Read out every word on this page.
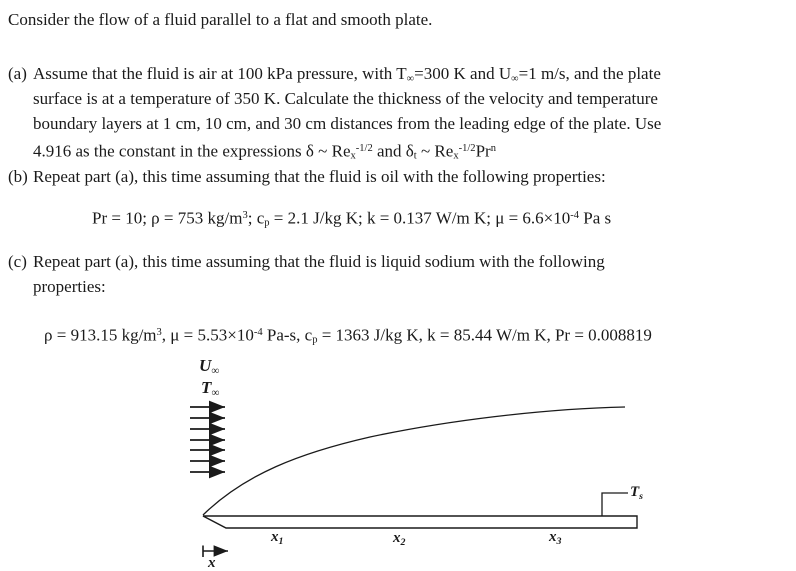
Consider the flow of a fluid parallel to a flat and smooth plate.
(a) Assume that the fluid is air at 100 kPa pressure, with T∞=300 K and U∞=1 m/s, and the plate
surface is at a temperature of 350 K. Calculate the thickness of the velocity and temperature
boundary layers at 1 cm, 10 cm, and 30 cm distances from the leading edge of the plate. Use
4.916 as the constant in the expressions δ ~ Rex$^{-1/2}$ and δt ~ Rex$^{-1/2}$Pr$^n$
(b) Repeat part (a), this time assuming that the fluid is oil with the following properties:
Pr = 10; ρ = 753 $kg/m^3$; cp = 2.1 J/kg K; k = 0.137 W/m K; $\mu = 6.6\times 10^{-4}$ Pa s
(c) Repeat part (a), this time assuming that the fluid is liquid sodium with the following
properties:
ρ = 913.15 $kg/m^3$, $\mu = 5.53\times 10^{-4}$ Pa-s, cp = 1363 J/kg K, k = 85.44 W/m K, Pr = 0.008819
U∞
T∞
Ts
x1	x2	x3
x
